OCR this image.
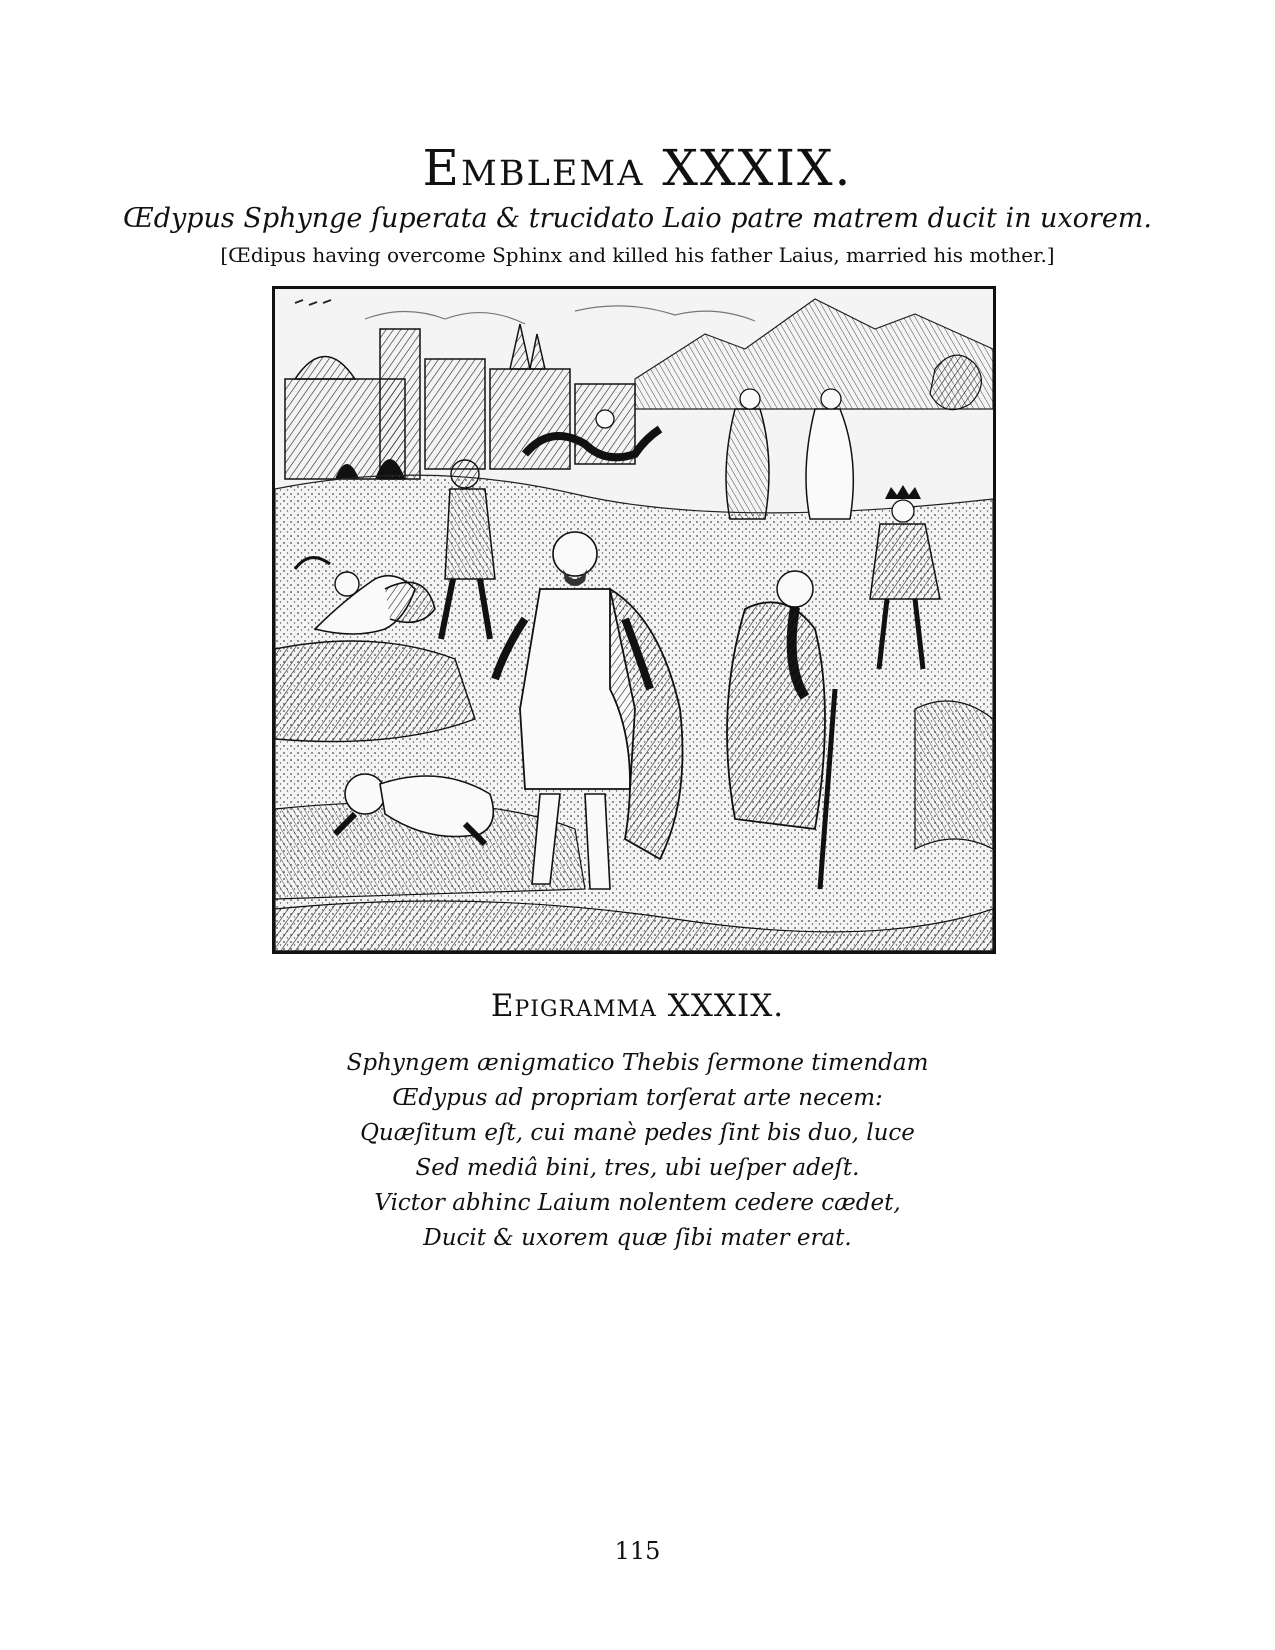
Emblema XXXIX.
Œdypus Sphynge ſuperata & trucidato Laio patre matrem ducit in uxorem.
[Œdipus having overcome Sphinx and killed his father Laius, married his mother.]
Epigramma XXXIX.
Sphyngem ænigmatico Thebis ſermone timendam
Œdypus ad propriam torſerat arte necem:
Quæſitum eſt, cui manè pedes ſint bis duo, luce
Sed mediâ bini, tres, ubi ueſper adeſt.
Victor abhinc Laium nolentem cedere cædet,
Ducit & uxorem quæ ſibi mater erat.
115
